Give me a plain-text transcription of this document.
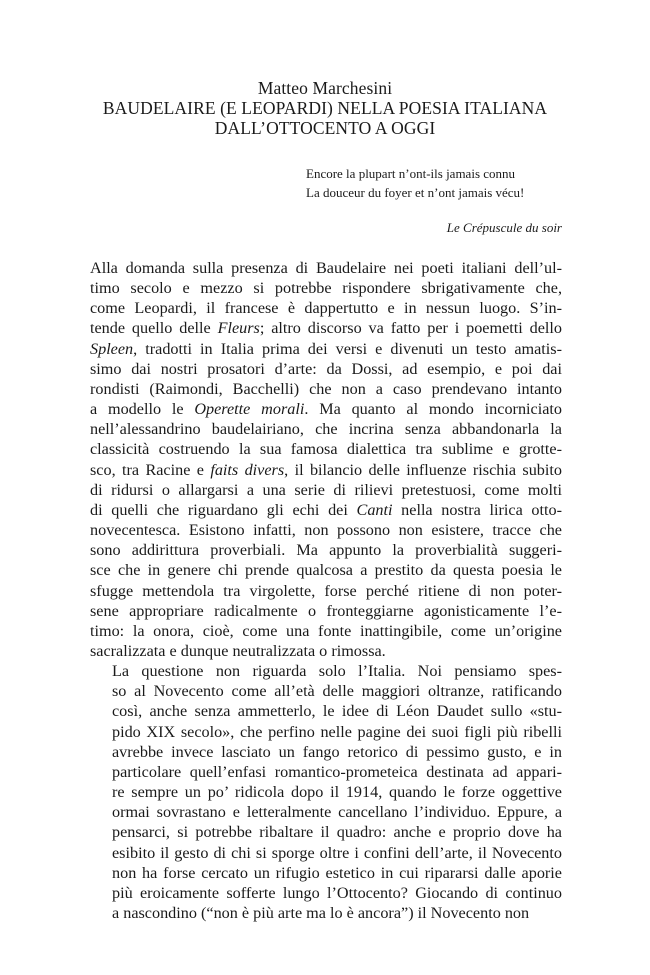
Matteo Marchesini
BAUDELAIRE (E LEOPARDI) NELLA POESIA ITALIANA
DALL’OTTOCENTO A OGGI
Encore la plupart n’ont-ils jamais connu
La douceur du foyer et n’ont jamais vécu!
Le Crépuscule du soir

Alla domanda sulla presenza di Baudelaire nei poeti italiani dell’ul-
timo secolo e mezzo si potrebbe rispondere sbrigativamente che,
come Leopardi, il francese è dappertutto e in nessun luogo. S’in-
tende quello delle Fleurs; altro discorso va fatto per i poemetti dello
Spleen, tradotti in Italia prima dei versi e divenuti un testo amatis-
simo dai nostri prosatori d’arte: da Dossi, ad esempio, e poi dai
rondisti (Raimondi, Bacchelli) che non a caso prendevano intanto
a modello le Operette morali. Ma quanto al mondo incorniciato
nell’alessandrino baudelairiano, che incrina senza abbandonarla la
classicità costruendo la sua famosa dialettica tra sublime e grotte-
sco, tra Racine e faits divers, il bilancio delle influenze rischia subito
di ridursi o allargarsi a una serie di rilievi pretestuosi, come molti
di quelli che riguardano gli echi dei Canti nella nostra lirica otto-
novecentesca. Esistono infatti, non possono non esistere, tracce che
sono addirittura proverbiali. Ma appunto la proverbialità suggeri-
sce che in genere chi prende qualcosa a prestito da questa poesia le
sfugge mettendola tra virgolette, forse perché ritiene di non poter-
sene appropriare radicalmente o fronteggiarne agonisticamente l’e-
timo: la onora, cioè, come una fonte inattingibile, come un’origine
sacralizzata e dunque neutralizzata o rimossa.

La questione non riguarda solo l’Italia. Noi pensiamo spes-
so al Novecento come all’età delle maggiori oltranze, ratificando
così, anche senza ammetterlo, le idee di Léon Daudet sullo «stu-
pido XIX secolo», che perfino nelle pagine dei suoi figli più ribelli
avrebbe invece lasciato un fango retorico di pessimo gusto, e in
particolare quell’enfasi romantico-prometeica destinata ad appari-
re sempre un po’ ridicola dopo il 1914, quando le forze oggettive
ormai sovrastano e letteralmente cancellano l’individuo. Eppure, a
pensarci, si potrebbe ribaltare il quadro: anche e proprio dove ha
esibito il gesto di chi si sporge oltre i confini dell’arte, il Novecento
non ha forse cercato un rifugio estetico in cui ripararsi dalle aporie
più eroicamente sofferte lungo l’Ottocento? Giocando di continuo
a nascondino (“non è più arte ma lo è ancora”) il Novecento non
